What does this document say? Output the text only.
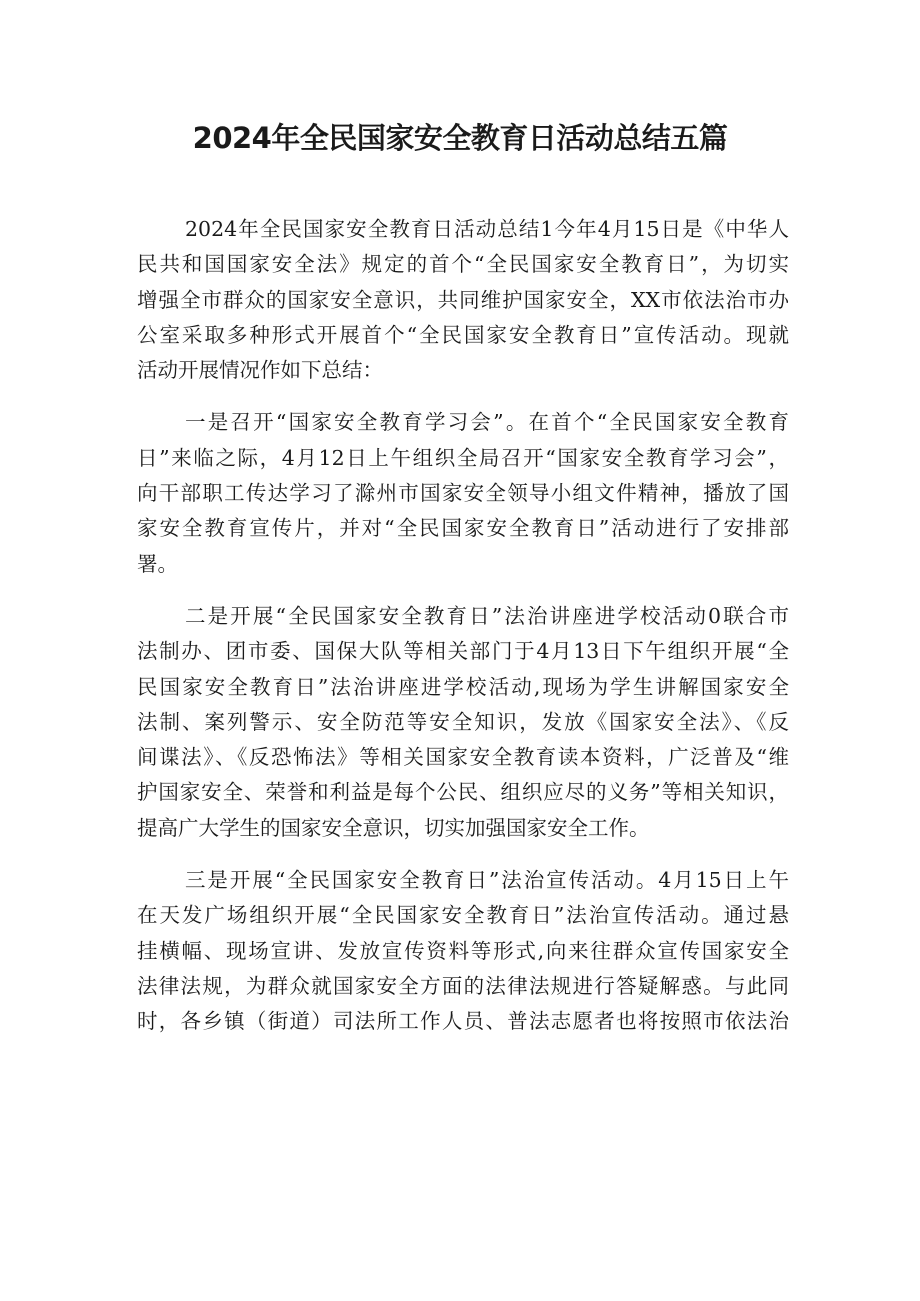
2024年全民国家安全教育日活动总结五篇

2024年全民国家安全教育日活动总结1今年4月15日是《中华人
民共和国国家安全法》规定的首个“全民国家安全教育日”，为切实
增强全市群众的国家安全意识，共同维护国家安全，XX市依法治市办
公室采取多种形式开展首个“全民国家安全教育日”宣传活动。现就
活动开展情况作如下总结：

一是召开“国家安全教育学习会”。在首个“全民国家安全教育
日”来临之际，4月12日上午组织全局召开“国家安全教育学习会”，
向干部职工传达学习了滁州市国家安全领导小组文件精神，播放了国
家安全教育宣传片，并对“全民国家安全教育日”活动进行了安排部
署。

二是开展“全民国家安全教育日”法治讲座进学校活动0联合市
法制办、团市委、国保大队等相关部门于4月13日下午组织开展“全
民国家安全教育日”法治讲座进学校活动,现场为学生讲解国家安全
法制、案列警示、安全防范等安全知识，发放《国家安全法》、《反
间谍法》、《反恐怖法》等相关国家安全教育读本资料，广泛普及“维
护国家安全、荣誉和利益是每个公民、组织应尽的义务”等相关知识，
提高广大学生的国家安全意识，切实加强国家安全工作。

三是开展“全民国家安全教育日”法治宣传活动。4月15日上午
在天发广场组织开展“全民国家安全教育日”法治宣传活动。通过悬
挂横幅、现场宣讲、发放宣传资料等形式,向来往群众宣传国家安全
法律法规，为群众就国家安全方面的法律法规进行答疑解惑。与此同
时，各乡镇（街道）司法所工作人员、普法志愿者也将按照市依法治
